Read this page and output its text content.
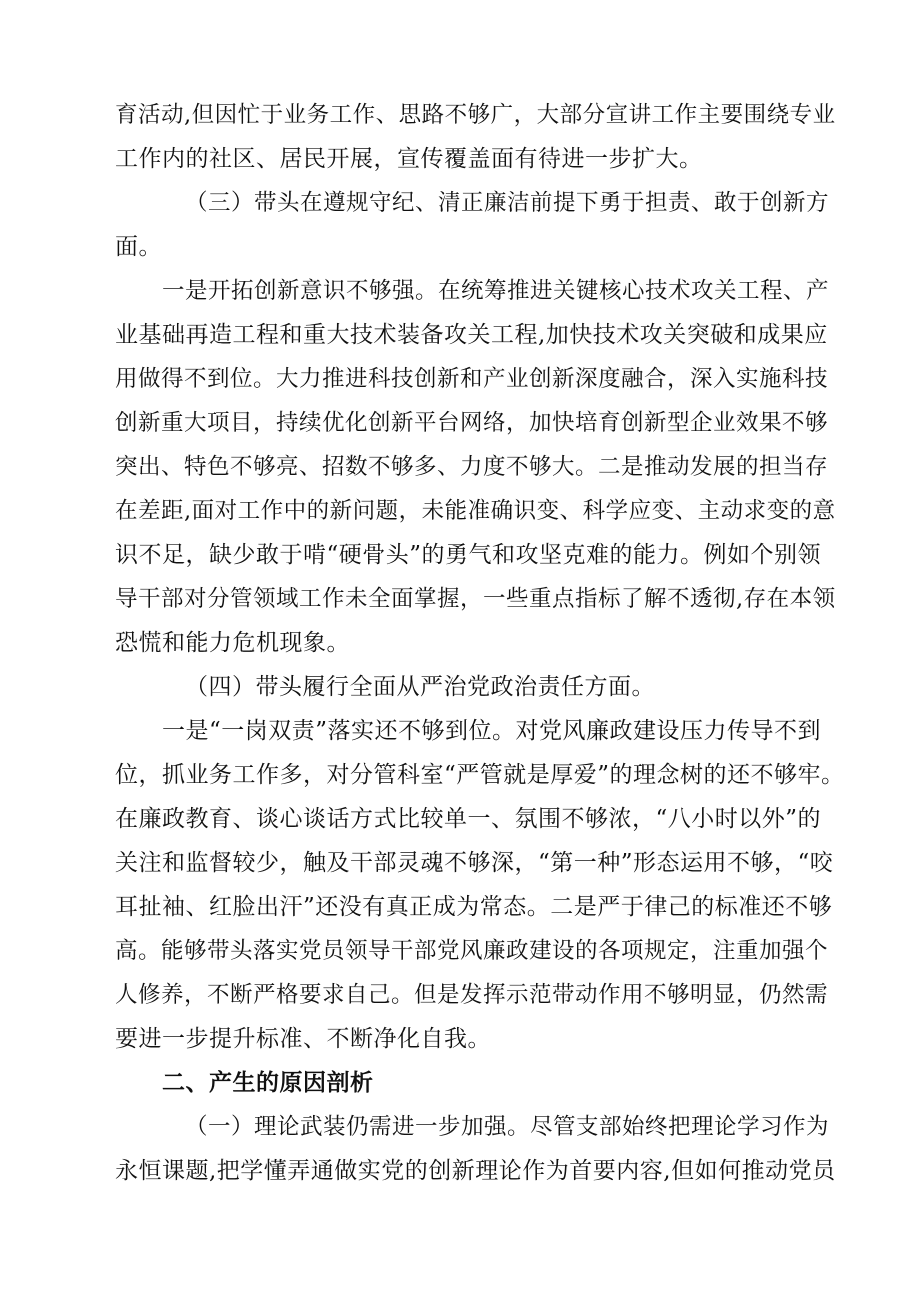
育活动,但因忙于业务工作、思路不够广，大部分宣讲工作主要围绕专业
工作内的社区、居民开展，宣传覆盖面有待进一步扩大。
（三）带头在遵规守纪、清正廉洁前提下勇于担责、敢于创新方
面。
一是开拓创新意识不够强。在统筹推进关键核心技术攻关工程、产
业基础再造工程和重大技术装备攻关工程,加快技术攻关突破和成果应
用做得不到位。大力推进科技创新和产业创新深度融合，深入实施科技
创新重大项目，持续优化创新平台网络，加快培育创新型企业效果不够
突出、特色不够亮、招数不够多、力度不够大。二是推动发展的担当存
在差距,面对工作中的新问题，未能准确识变、科学应变、主动求变的意
识不足，缺少敢于啃“硬骨头”的勇气和攻坚克难的能力。例如个别领
导干部对分管领域工作未全面掌握，一些重点指标了解不透彻,存在本领
恐慌和能力危机现象。
（四）带头履行全面从严治党政治责任方面。
一是“一岗双责”落实还不够到位。对党风廉政建设压力传导不到
位，抓业务工作多，对分管科室“严管就是厚爱”的理念树的还不够牢。
在廉政教育、谈心谈话方式比较单一、氛围不够浓，“八小时以外”的
关注和监督较少，触及干部灵魂不够深，“第一种”形态运用不够，“咬
耳扯袖、红脸出汗”还没有真正成为常态。二是严于律己的标准还不够
高。能够带头落实党员领导干部党风廉政建设的各项规定，注重加强个
人修养，不断严格要求自己。但是发挥示范带动作用不够明显，仍然需
要进一步提升标准、不断净化自我。
二、产生的原因剖析
（一）理论武装仍需进一步加强。尽管支部始终把理论学习作为
永恒课题,把学懂弄通做实党的创新理论作为首要内容,但如何推动党员
